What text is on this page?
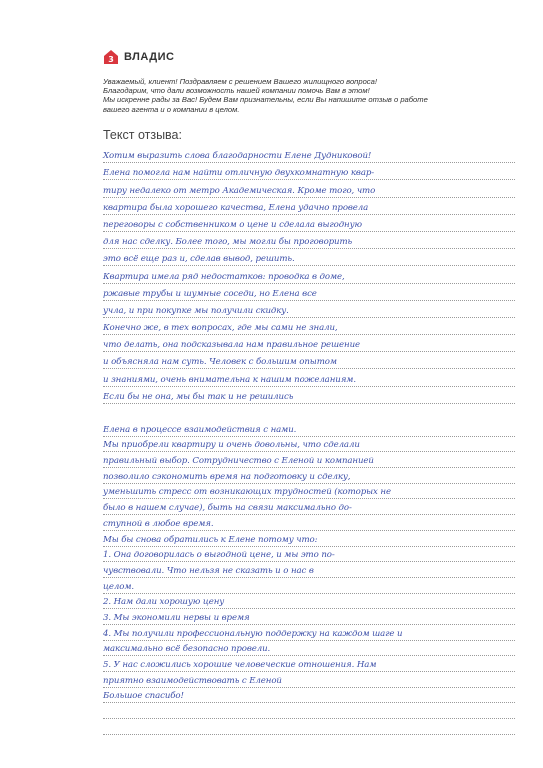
3 ВЛАДИС

Уважаемый, клиент! Поздравляем с решением Вашего жилищного вопроса!

Благодарим, что дали возможность нашей компании помочь Вам в этом!

Мы искренне рады за Вас! Будем Вам признательны, если Вы напишите отзыв о работе

вашего агента и о компании в целом.

Текст отзыва:
Хотим выразить слова благодарности Елене Дудниковой!
Елена помогла нам найти отличную двухкомнатную квар-
тиру недалеко от метро Академическая. Кроме того, что
квартира была хорошего качества, Елена удачно провела
переговоры с собственником о цене и сделала выгодную
для нас сделку. Более того, мы могли бы проговорить
это всё еще раз и, сделав вывод, решить.
Квартира имела ряд недостатков: проводка в доме,
ржавые трубы и шумные соседи, но Елена все
учла, и при покупке мы получили скидку.
Конечно же, в тех вопросах, где мы сами не знали,
что делать, она подсказывала нам правильное решение
и объясняла нам суть. Человек с большим опытом
и знаниями, очень внимательна к нашим пожеланиям.
Если бы не она, мы бы так и не решились
Елена в процессе взаимодействия с нами.
Мы приобрели квартиру и очень довольны, что сделали
правильный выбор. Сотрудничество с Еленой и компанией
позволило сэкономить время на подготовку и сделку,
уменьшить стресс от возникающих трудностей (которых не
было в нашем случае), быть на связи максимально до-
ступной в любое время.
Мы бы снова обратились к Елене потому что:
1. Она договорилась о выгодной цене, и мы это по-
чувствовали. Что нельзя не сказать и о нас в
целом.
2. Нам дали хорошую цену
3. Мы экономили нервы и время
4. Мы получили профессиональную поддержку на каждом шаге и
максимально всё безопасно провели.
5. У нас сложились хорошие человеческие отношения. Нам
приятно взаимодействовать с Еленой
Большое спасибо!
